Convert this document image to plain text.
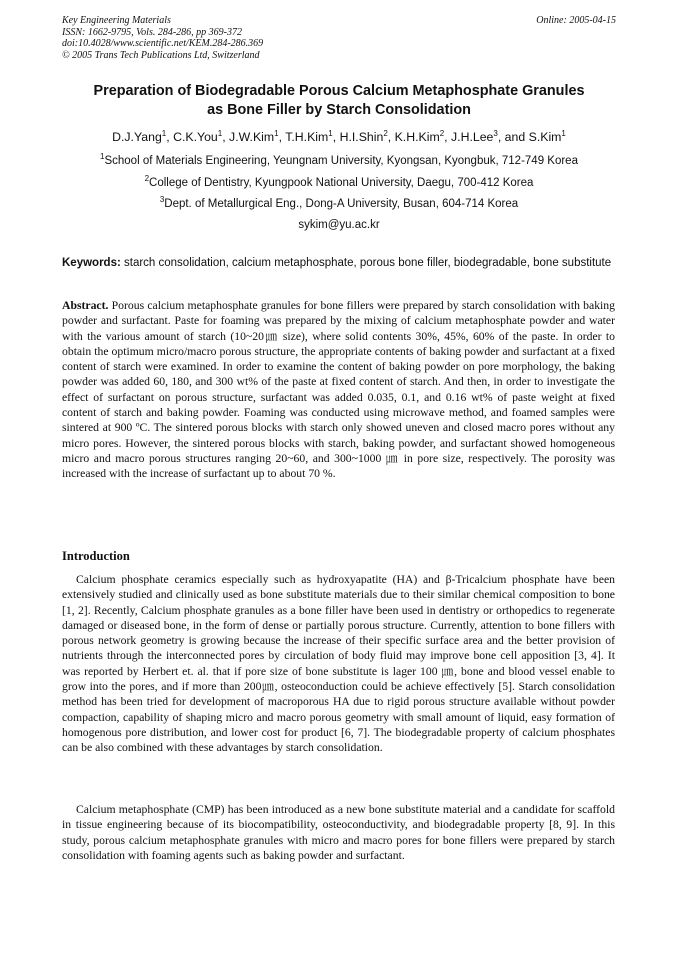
Key Engineering Materials
ISSN: 1662-9795, Vols. 284-286, pp 369-372
doi:10.4028/www.scientific.net/KEM.284-286.369
© 2005 Trans Tech Publications Ltd, Switzerland
Online: 2005-04-15
Preparation of Biodegradable Porous Calcium Metaphosphate Granules
as Bone Filler by Starch Consolidation
D.J.Yang$^1$, C.K.You$^1$, J.W.Kim$^1$, T.H.Kim$^1$, H.I.Shin$^2$, K.H.Kim$^2$, J.H.Lee$^3$, and S.Kim$^1$
$^1$School of Materials Engineering, Yeungnam University, Kyongsan, Kyongbuk, 712-749 Korea
$^2$College of Dentistry, Kyungpook National University, Daegu, 700-412 Korea
$^3$Dept. of Metallurgical Eng., Dong-A University, Busan, 604-714 Korea
sykim@yu.ac.kr

Keywords: starch consolidation, calcium metaphosphate, porous bone filler, biodegradable, bone substitute

Abstract. Porous calcium metaphosphate granules for bone fillers were prepared by starch consolidation with baking powder and surfactant. Paste for foaming was prepared by the mixing of calcium metaphosphate powder and water with the various amount of starch (10~20㎛ size), where solid contents 30%, 45%, 60% of the paste. In order to obtain the optimum micro/macro porous structure, the appropriate contents of baking powder and surfactant at a fixed content of starch were examined. In order to examine the content of baking powder on pore morphology, the baking powder was added 60, 180, and 300 wt% of the paste at fixed content of starch. And then, in order to investigate the effect of surfactant on porous structure, surfactant was added 0.035, 0.1, and 0.16 wt% of paste weight at fixed content of starch and baking powder. Foaming was conducted using microwave method, and foamed samples were sintered at 900 ºC. The sintered porous blocks with starch only showed uneven and closed macro pores without any micro pores. However, the sintered porous blocks with starch, baking powder, and surfactant showed homogeneous micro and macro porous structures ranging 20~60, and 300~1000 ㎛ in pore size, respectively. The porosity was increased with the increase of surfactant up to about 70 %.

Introduction

Calcium phosphate ceramics especially such as hydroxyapatite (HA) and β-Tricalcium phosphate have been extensively studied and clinically used as bone substitute materials due to their similar chemical composition to bone [1, 2]. Recently, Calcium phosphate granules as a bone filler have been used in dentistry or orthopedics to regenerate damaged or diseased bone, in the form of dense or partially porous structure. Currently, attention to bone fillers with porous network geometry is growing because the increase of their specific surface area and the better provision of nutrients through the interconnected pores by circulation of body fluid may improve bone cell apposition [3, 4]. It was reported by Herbert et. al. that if pore size of bone substitute is lager 100 ㎛, bone and blood vessel enable to grow into the pores, and if more than 200㎛, osteoconduction could be achieve effectively [5]. Starch consolidation method has been tried for development of macroporous HA due to rigid porous structure available without powder compaction, capability of shaping micro and macro porous geometry with small amount of liquid, easy formation of homogenous pore distribution, and lower cost for product [6, 7]. The biodegradable property of calcium phosphates can be also combined with these advantages by starch consolidation.

Calcium metaphosphate (CMP) has been introduced as a new bone substitute material and a candidate for scaffold in tissue engineering because of its biocompatibility, osteoconductivity, and biodegradable property [8, 9]. In this study, porous calcium metaphosphate granules with micro and macro pores for bone fillers were prepared by starch consolidation with foaming agents such as baking powder and surfactant.
